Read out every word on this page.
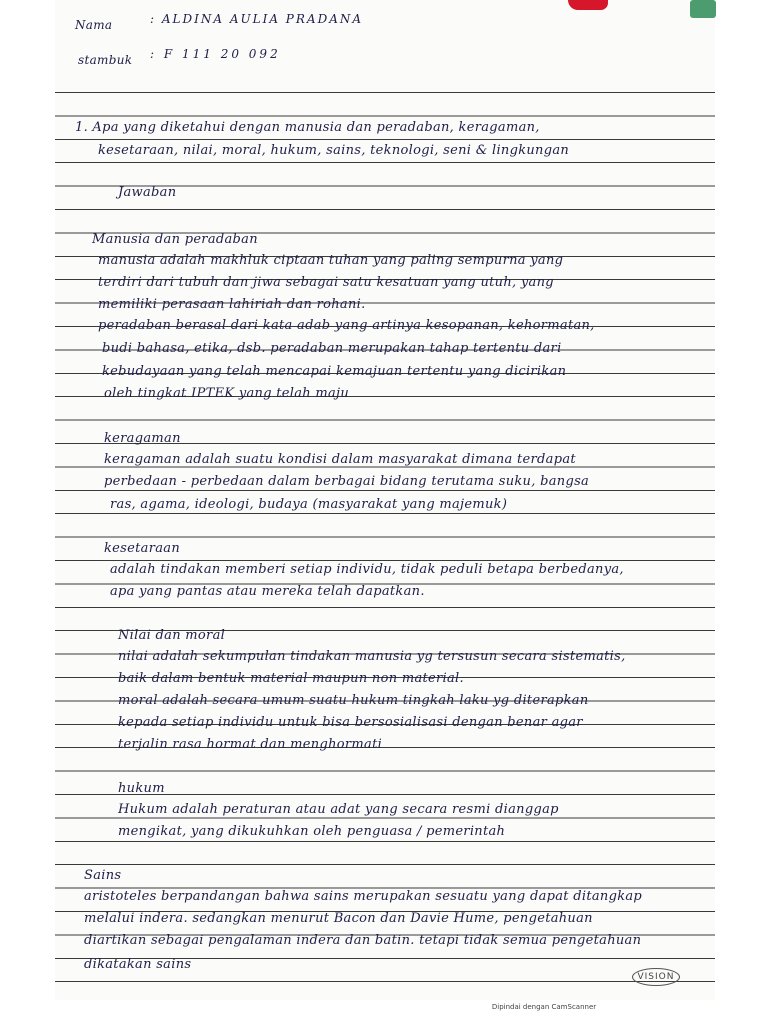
Nama	: ALDINA AULIA PRADANA
stambuk : F 111 20 092
1. Apa yang diketahui dengan manusia dan peradaban, keragaman,
kesetaraan, nilai, moral, hukum, sains, teknologi, seni & lingkungan
Jawaban
Manusia dan peradaban
manusia adalah makhluk ciptaan tuhan yang paling sempurna yang
terdiri dari tubuh dan jiwa sebagai satu kesatuan yang utuh, yang
memiliki perasaan lahiriah dan rohani.
peradaban berasal dari kata adab yang artinya kesopanan, kehormatan,
budi bahasa, etika, dsb. peradaban merupakan tahap tertentu dari
kebudayaan yang telah mencapai kemajuan tertentu yang dicirikan
oleh tingkat IPTEK yang telah maju
keragaman
keragaman adalah suatu kondisi dalam masyarakat dimana terdapat
perbedaan - perbedaan dalam berbagai bidang terutama suku, bangsa
ras, agama, ideologi, budaya (masyarakat yang majemuk)
kesetaraan
adalah tindakan memberi setiap individu, tidak peduli betapa berbedanya,
apa yang pantas atau mereka telah dapatkan.
Nilai dan moral
nilai adalah sekumpulan tindakan manusia yg tersusun secara sistematis,
baik dalam bentuk material maupun non material.
moral adalah secara umum suatu hukum tingkah laku yg diterapkan
kepada setiap individu untuk bisa bersosialisasi dengan benar agar
terjalin rasa hormat dan menghormati
hukum
Hukum adalah peraturan atau adat yang secara resmi dianggap
mengikat, yang dikukuhkan oleh penguasa / pemerintah
Sains
aristoteles berpandangan bahwa sains merupakan sesuatu yang dapat ditangkap
melalui indera. sedangkan menurut Bacon dan Davie Hume, pengetahuan
diartikan sebagai pengalaman indera dan batin. tetapi tidak semua pengetahuan
dikatakan sains
VISION
Dipindai dengan CamScanner
